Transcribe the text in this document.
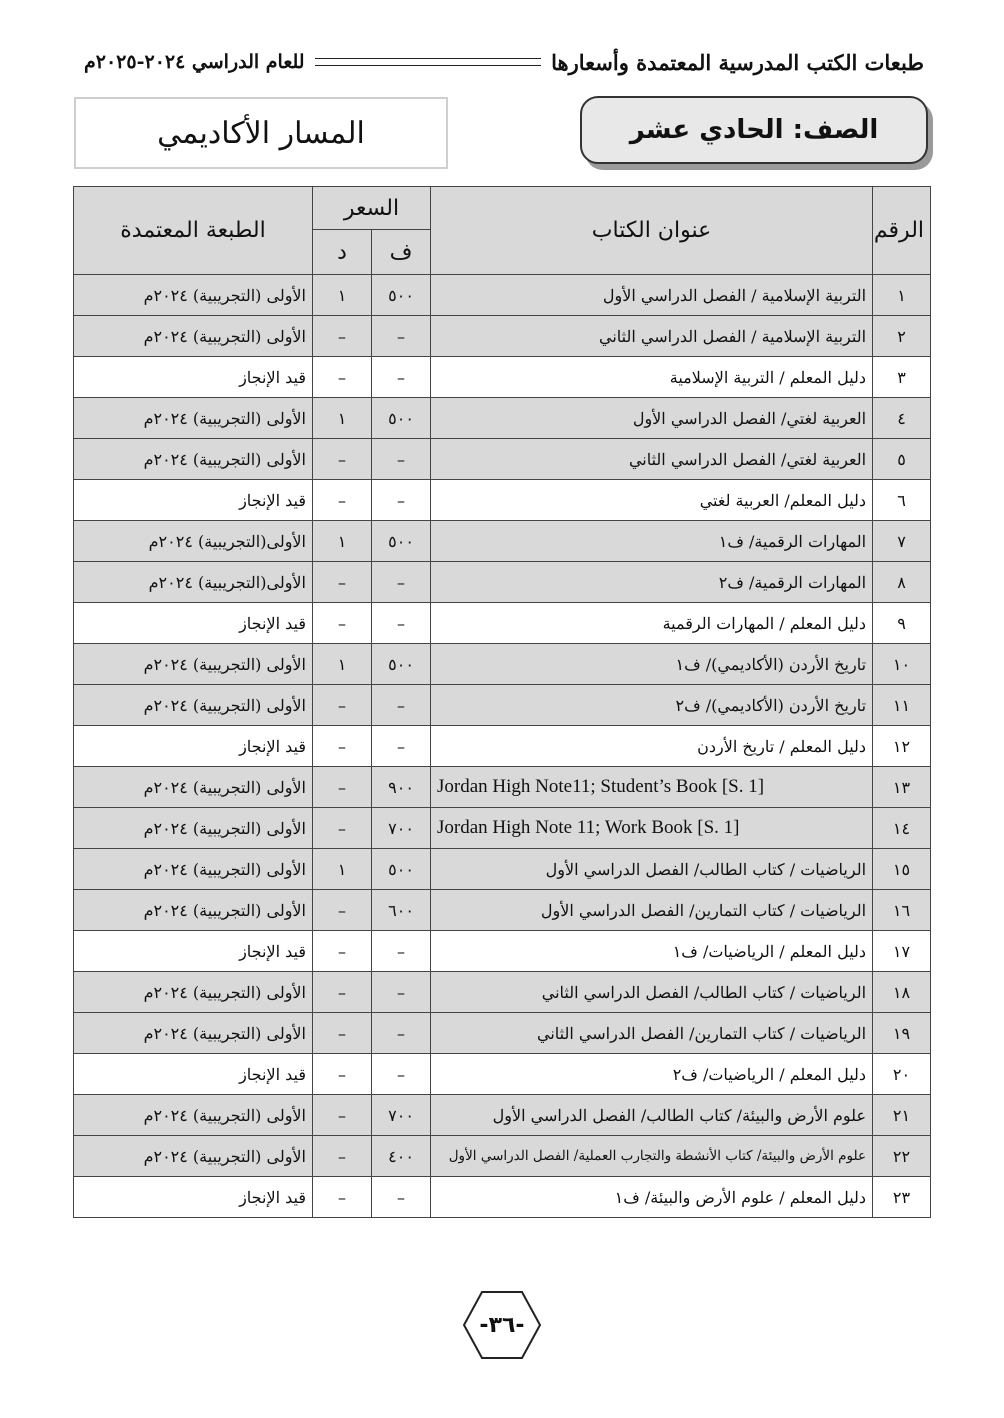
طبعات الكتب المدرسية المعتمدة وأسعارها
للعام الدراسي ٢٠٢٤-٢٠٢٥م
الصف: الحادي عشر
المسار الأكاديمي
الرقم	عنوان الكتاب	السعر		الطبعة المعتمدة
		ف	د	
١	التربية الإسلامية / الفصل الدراسي الأول	٥٠٠	١	الأولى (التجريبية) ٢٠٢٤م
٢	التربية الإسلامية / الفصل الدراسي الثاني	–	–	الأولى (التجريبية) ٢٠٢٤م
٣	دليل المعلم / التربية الإسلامية	–	–	قيد الإنجاز
٤	العربية لغتي/ الفصل الدراسي الأول	٥٠٠	١	الأولى (التجريبية) ٢٠٢٤م
٥	العربية لغتي/ الفصل الدراسي الثاني	–	–	الأولى (التجريبية) ٢٠٢٤م
٦	دليل المعلم/ العربية لغتي	–	–	قيد الإنجاز
٧	المهارات الرقمية/ ف١	٥٠٠	١	الأولى(التجريبية) ٢٠٢٤م
٨	المهارات الرقمية/ ف٢	–	–	الأولى(التجريبية) ٢٠٢٤م
٩	دليل المعلم / المهارات الرقمية	–	–	قيد الإنجاز
١٠	تاريخ الأردن (الأكاديمي)/ ف١	٥٠٠	١	الأولى (التجريبية) ٢٠٢٤م
١١	تاريخ الأردن (الأكاديمي)/ ف٢	–	–	الأولى (التجريبية) ٢٠٢٤م
١٢	دليل المعلم / تاريخ الأردن	–	–	قيد الإنجاز
١٣	Jordan High Note11; Student’s Book [S. 1]	٩٠٠	–	الأولى (التجريبية) ٢٠٢٤م
١٤	Jordan High Note 11; Work Book [S. 1]	٧٠٠	–	الأولى (التجريبية) ٢٠٢٤م
١٥	الرياضيات / كتاب الطالب/ الفصل الدراسي الأول	٥٠٠	١	الأولى (التجريبية) ٢٠٢٤م
١٦	الرياضيات / كتاب التمارين/ الفصل الدراسي الأول	٦٠٠	–	الأولى (التجريبية) ٢٠٢٤م
١٧	دليل المعلم / الرياضيات/ ف١	–	–	قيد الإنجاز
١٨	الرياضيات / كتاب الطالب/ الفصل الدراسي الثاني	–	–	الأولى (التجريبية) ٢٠٢٤م
١٩	الرياضيات / كتاب التمارين/ الفصل الدراسي الثاني	–	–	الأولى (التجريبية) ٢٠٢٤م
٢٠	دليل المعلم / الرياضيات/ ف٢	–	–	قيد الإنجاز
٢١	علوم الأرض والبيئة/ كتاب الطالب/ الفصل الدراسي الأول	٧٠٠	–	الأولى (التجريبية) ٢٠٢٤م
٢٢	علوم الأرض والبيئة/ كتاب الأنشطة والتجارب العملية/ الفصل الدراسي الأول	٤٠٠	–	الأولى (التجريبية) ٢٠٢٤م
٢٣	دليل المعلم / علوم الأرض والبيئة/ ف١	–	–	قيد الإنجاز
-٣٦-
